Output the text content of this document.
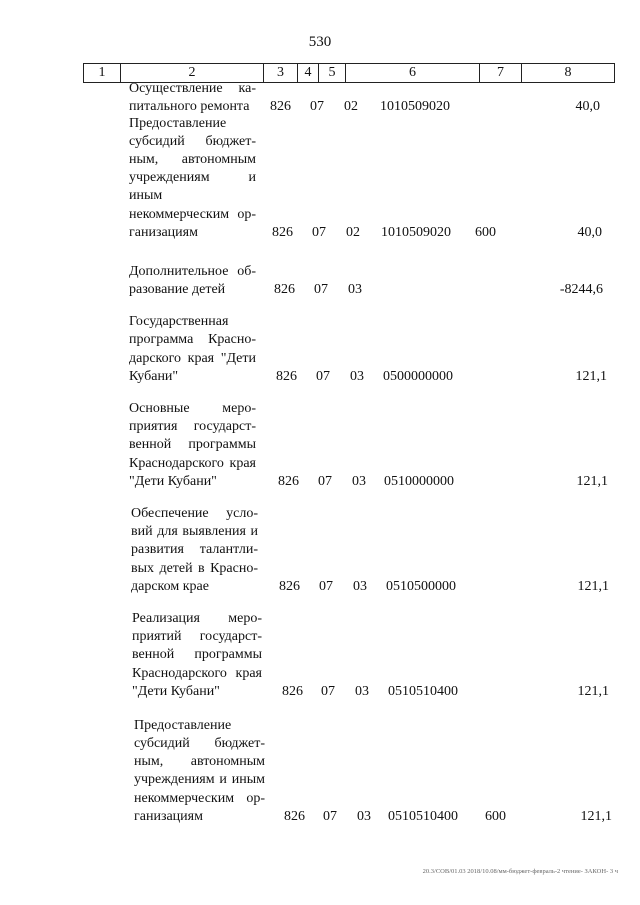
530
1	2	3	4	5	6	7	8
Осуществление ка-питального ремонта	826 07 02 1010509020	40,0
Предоставление субсидий бюджет-ным, автономным учреждениям и иным некоммерческим ор-ганизациям	826 07 02 1010509020 600	40,0
Дополнительное об-разование детей	826 07 03	-8244,6
Государственная программа Красно-дарского края "Дети Кубани"	826 07 03 0500000000	121,1
Основные меро-приятия государст-венной программы Краснодарского края "Дети Кубани"	826 07 03 0510000000	121,1
Обеспечение усло-вий для выявления и развития талантли-вых детей в Красно-дарском крае	826 07 03 0510500000	121,1
Реализация меро-приятий государст-венной программы Краснодарского края "Дети Кубани"	826 07 03 0510510400	121,1
Предоставление субсидий бюджет-ным, автономным учреждениям и иным некоммерческим ор-ганизациям	826 07 03 0510510400 600	121,1
20.3/СОВ/01.03 2018/10.08/мм-бюджет-февраль-2 чтение- ЗАКОН- 3 ч
